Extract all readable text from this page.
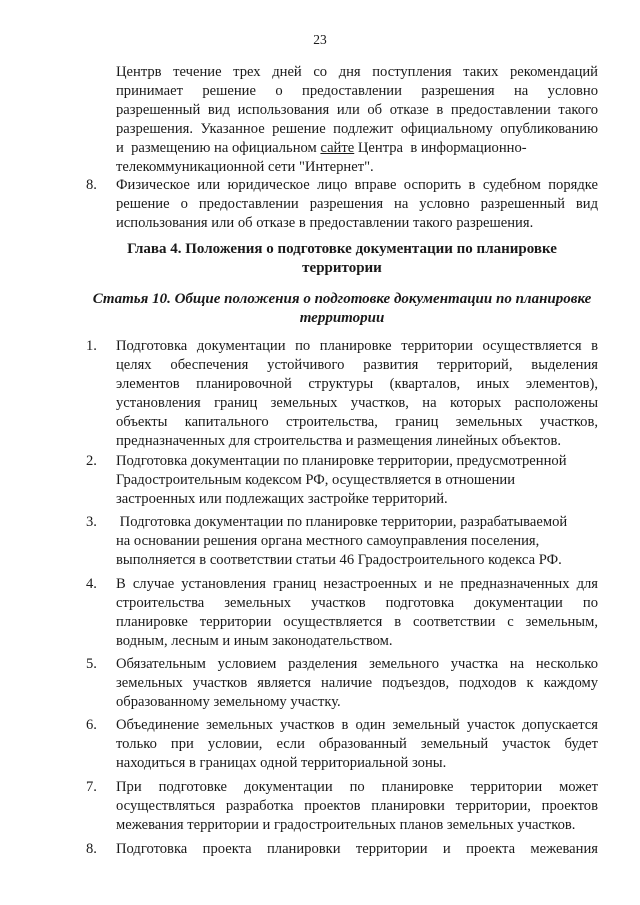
23
Центрв течение трех дней со дня поступления таких рекомендаций
принимает решение о предоставлении разрешения на условно
разрешенный вид использования или об отказе в предоставлении такого
разрешения. Указанное решение подлежит официальному опубликованию
и  размещению на официальном сайте Центра  в информационно-
телекоммуникационной сети "Интернет".
8.	Физическое или юридическое лицо вправе оспорить в судебном порядке
решение о предоставлении разрешения на условно разрешенный вид
использования или об отказе в предоставлении такого разрешения.
Глава 4. Положения о подготовке документации по планировке
территории
Статья 10. Общие положения о подготовке документации по планировке
территории
1.	Подготовка документации по планировке территории осуществляется в
целях обеспечения устойчивого развития территорий, выделения
элементов планировочной структуры (кварталов, иных элементов),
установления границ земельных участков, на которых расположены
объекты капитального строительства, границ земельных участков,
предназначенных для строительства и размещения линейных объектов.
2.	Подготовка документации по планировке территории, предусмотренной
Градостроительным кодексом РФ, осуществляется в отношении
застроенных или подлежащих застройке территорий.
3.	Подготовка документации по планировке территории, разрабатываемой
на основании решения органа местного самоуправления поселения,
выполняется в соответствии статьи 46 Градостроительного кодекса РФ.
4.	В случае установления границ незастроенных и не предназначенных для
строительства земельных участков подготовка документации по
планировке территории осуществляется в соответствии с земельным,
водным, лесным и иным законодательством.
5.	Обязательным условием разделения земельного участка на несколько
земельных участков является наличие подъездов, подходов к каждому
образованному земельному участку.
6.	Объединение земельных участков в один земельный участок допускается
только при условии, если образованный земельный участок будет
находиться в границах одной территориальной зоны.
7.	При подготовке документации по планировке территории может
осуществляться разработка проектов планировки территории, проектов
межевания территории и градостроительных планов земельных участков.
8.	Подготовка проекта планировки территории и проекта межевания
